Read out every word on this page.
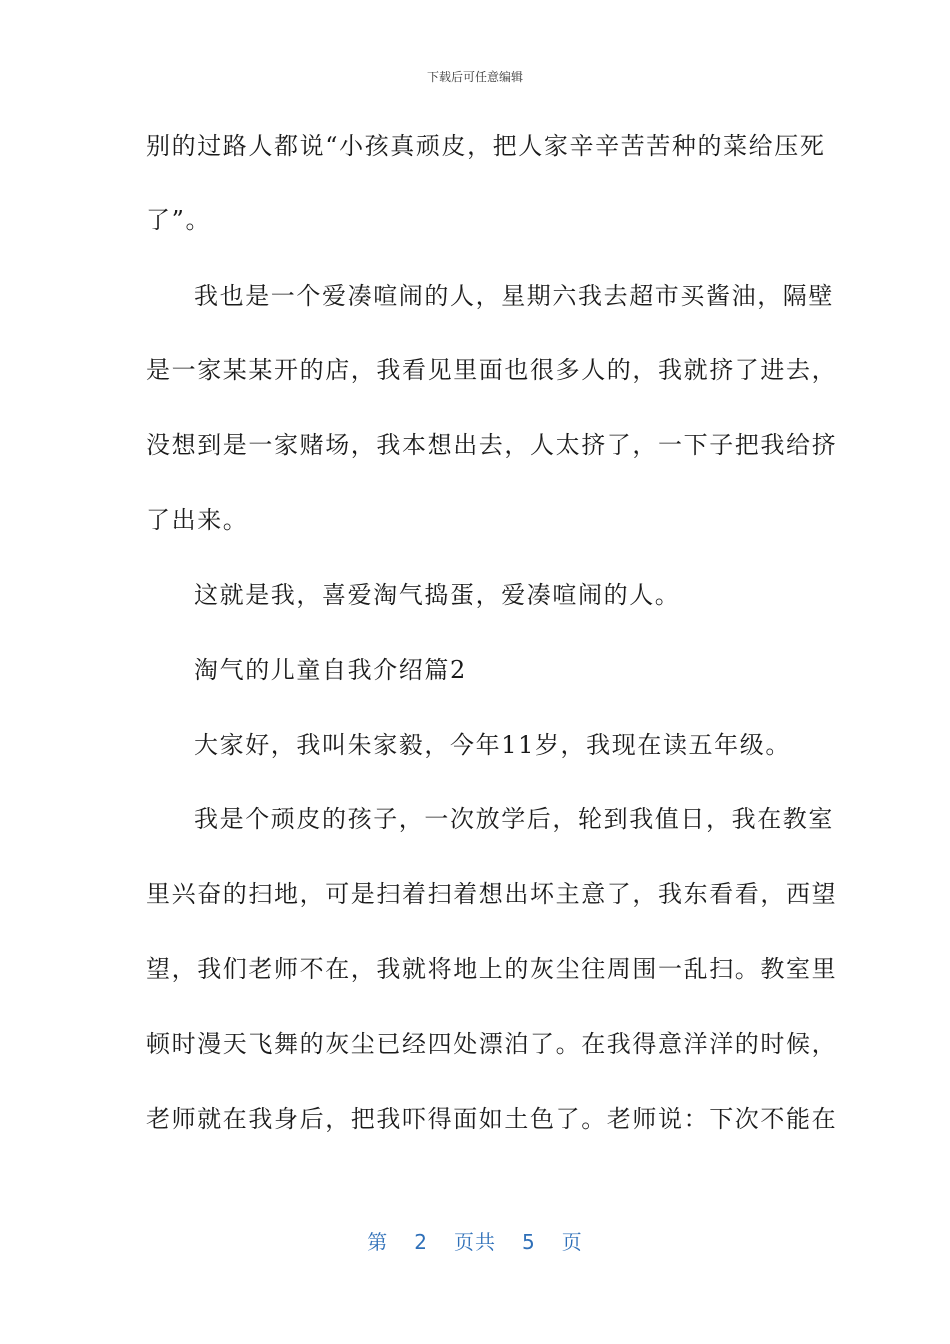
下载后可任意编辑
别的过路人都说“小孩真顽皮，把人家辛辛苦苦种的菜给压死
了”。
我也是一个爱凑喧闹的人，星期六我去超市买酱油，隔壁
是一家某某开的店，我看见里面也很多人的，我就挤了进去，
没想到是一家赌场，我本想出去，人太挤了，一下子把我给挤
了出来。
这就是我，喜爱淘气捣蛋，爱凑喧闹的人。
淘气的儿童自我介绍篇2
大家好，我叫朱家毅，今年11岁，我现在读五年级。
我是个顽皮的孩子，一次放学后，轮到我值日，我在教室
里兴奋的扫地，可是扫着扫着想出坏主意了，我东看看，西望
望，我们老师不在，我就将地上的灰尘往周围一乱扫。教室里
顿时漫天飞舞的灰尘已经四处漂泊了。在我得意洋洋的时候，
老师就在我身后，把我吓得面如土色了。老师说：下次不能在
第 2 页共 5 页
